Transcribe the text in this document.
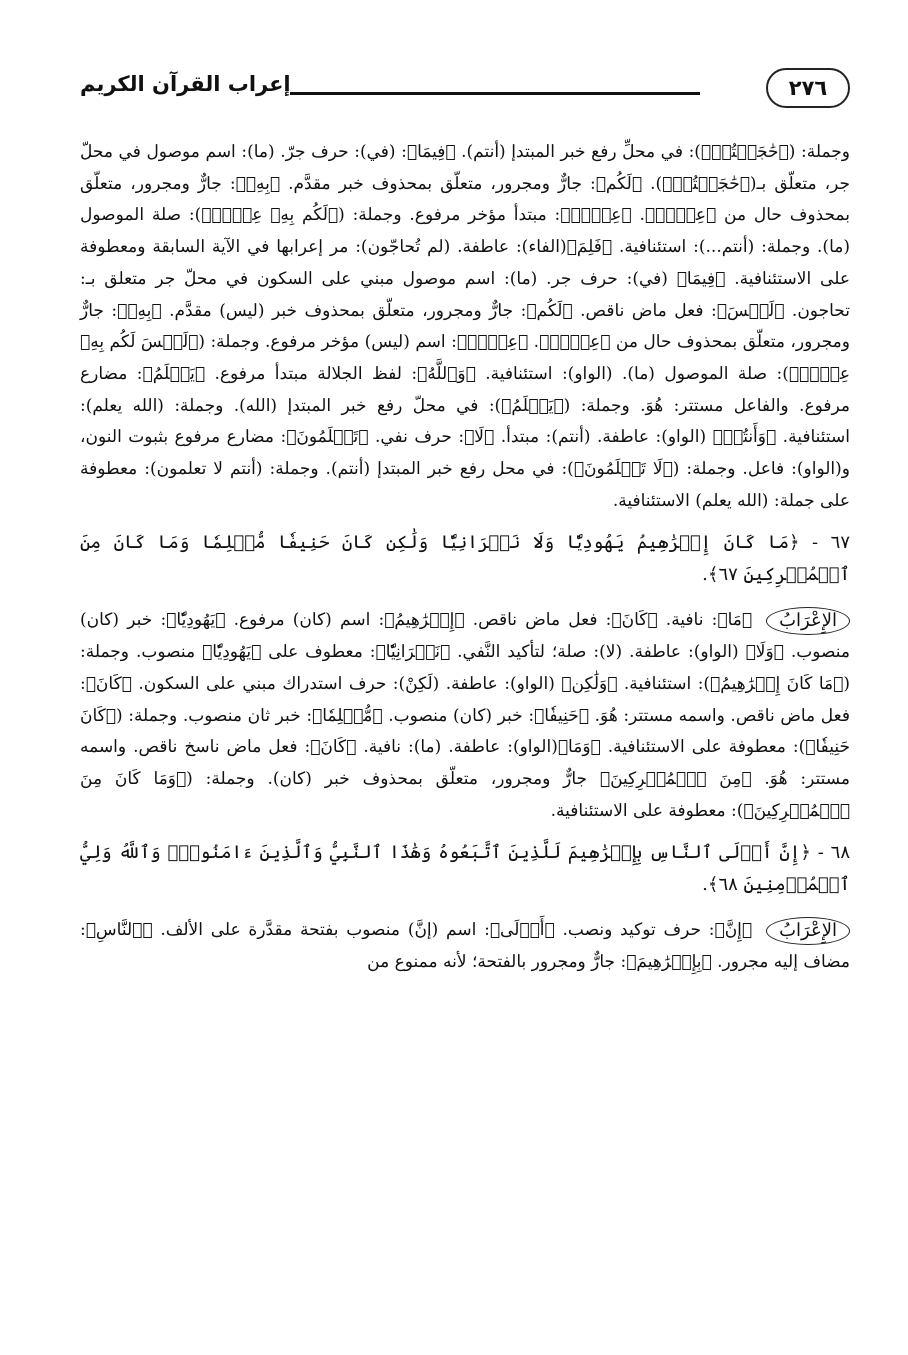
٢٧٦
إعراب القرآن الكريم

وجملة: (﴿حَٰجَجۡتُمۡ﴾): في محلِّ رفع خبر المبتدإ (أنتم). ﴿فِيمَا﴾: (في): حرف جرّ. (ما): اسم موصول في محلّ جر، متعلّق بـ(﴿حَٰجَجۡتُمۡ﴾). ﴿لَكُم﴾: جارٌّ ومجرور، متعلّق بمحذوف خبر مقدَّم. ﴿بِهِۦ﴾: جارٌّ ومجرور، متعلّق بمحذوف حال من ﴿عِلۡمٞ﴾. ﴿عِلۡمٞ﴾: مبتدأ مؤخر مرفوع. وجملة: (﴿لَكُم بِهِۦ عِلۡمٞ﴾): صلة الموصول (ما). وجملة: (أنتم...): استئنافية. ﴿فَلِمَ﴾(الفاء): عاطفة. (لم تُحاجّون): مر إعرابها في الآية السابقة ومعطوفة على الاستئنافية. ﴿فِيمَا﴾ (في): حرف جر. (ما): اسم موصول مبني على السكون في محلّ جر متعلق بـ: تحاجون. ﴿لَيۡسَ﴾: فعل ماض ناقص. ﴿لَكُم﴾: جارٌّ ومجرور، متعلّق بمحذوف خبر (ليس) مقدَّم. ﴿بِهِۦ﴾: جارٌّ ومجرور، متعلّق بمحذوف حال من ﴿عِلۡمٞ﴾. ﴿عِلۡمٞ﴾: اسم (ليس) مؤخر مرفوع. وجملة: (﴿لَيۡسَ لَكُم بِهِۦ عِلۡمٞ﴾): صلة الموصول (ما). (الواو): استئنافية. ﴿وَٱللَّهُ﴾: لفظ الجلالة مبتدأ مرفوع. ﴿يَعۡلَمُ﴾: مضارع مرفوع. والفاعل مستتر: هُوَ. وجملة: (﴿يَعۡلَمُ﴾): في محلّ رفع خبر المبتدإ (الله). وجملة: (الله يعلم): استئنافية. ﴿وَأَنتُمۡ﴾ (الواو): عاطفة. (أنتم): مبتدأ. ﴿لَا﴾: حرف نفي. ﴿تَعۡلَمُونَ﴾: مضارع مرفوع بثبوت النون، و(الواو): فاعل. وجملة: (﴿لَا تَعۡلَمُونَ﴾): في محل رفع خبر المبتدإ (أنتم). وجملة: (أنتم لا تعلمون): معطوفة على جملة: (الله يعلم) الاستئنافية.

٦٧ - ﴿مَا كَانَ إِبۡرَٰهِيمُ يَهُودِيّٗا وَلَا نَصۡرَانِيّٗا وَلَٰكِن كَانَ حَنِيفٗا مُّسۡلِمٗا وَمَا كَانَ مِنَ ٱلۡمُشۡرِكِينَ ٦٧﴾.

الإِعْرَابُ﴿مَا﴾: نافية. ﴿كَانَ﴾: فعل ماض ناقص. ﴿إِبۡرَٰهِيمُ﴾: اسم (كان) مرفوع. ﴿يَهُودِيّٗا﴾: خبر (كان) منصوب. ﴿وَلَا﴾ (الواو): عاطفة. (لا): صلة؛ لتأكيد النَّفي. ﴿نَصۡرَانِيّٗا﴾: معطوف على ﴿يَهُودِيّٗا﴾ منصوب. وجملة: (﴿مَا كَانَ إِبۡرَٰهِيمُ﴾): استئنافية. ﴿وَلَٰكِن﴾ (الواو): عاطفة. (لَكِنْ): حرف استدراك مبني على السكون. ﴿كَانَ﴾: فعل ماض ناقص. واسمه مستتر: هُوَ. ﴿حَنِيفٗا﴾: خبر (كان) منصوب. ﴿مُّسۡلِمٗا﴾: خبر ثان منصوب. وجملة: (﴿كَانَ حَنِيفٗا﴾): معطوفة على الاستئنافية. ﴿وَمَا﴾(الواو): عاطفة. (ما): نافية. ﴿كَانَ﴾: فعل ماض ناسخ ناقص. واسمه مستتر: هُوَ. ﴿مِنَ ٱلۡمُشۡرِكِينَ﴾ جارٌّ ومجرور، متعلّق بمحذوف خبر (كان). وجملة: (﴿وَمَا كَانَ مِنَ ٱلۡمُشۡرِكِينَ﴾): معطوفة على الاستئنافية.

٦٨ - ﴿إِنَّ أَوۡلَى ٱلنَّاسِ بِإِبۡرَٰهِيمَ لَلَّذِينَ ٱتَّبَعُوهُ وَهَٰذَا ٱلنَّبِيُّ وَٱلَّذِينَ ءَامَنُواْۗ وَٱللَّهُ وَلِيُّ ٱلۡمُؤۡمِنِينَ ٦٨﴾.

الإِعْرَابُ﴿إِنَّ﴾: حرف توكيد ونصب. ﴿أَوۡلَى﴾: اسم (إنَّ) منصوب بفتحة مقدَّرة على الألف. ﴿ٱلنَّاسِ﴾: مضاف إليه مجرور. ﴿بِإِبۡرَٰهِيمَ﴾: جارٌّ ومجرور بالفتحة؛ لأنه ممنوع من
